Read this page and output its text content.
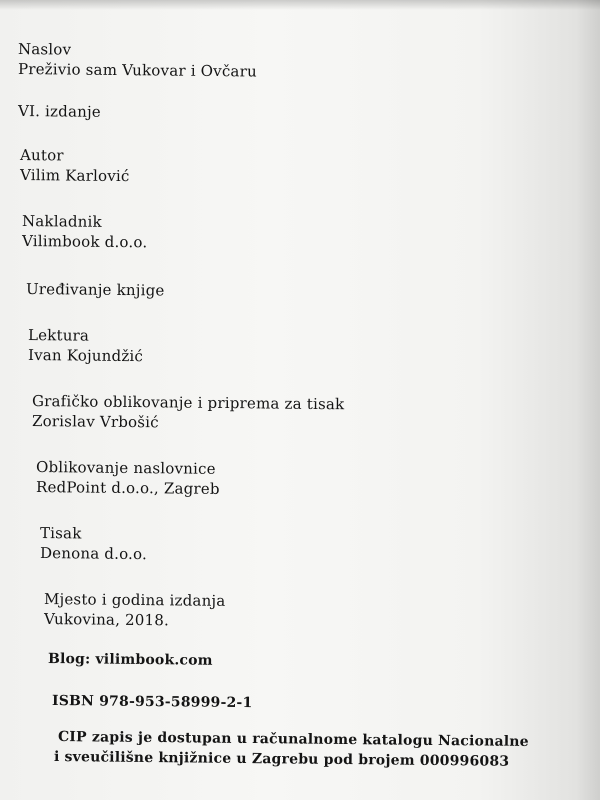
Naslov
Preživio sam Vukovar i Ovčaru
VI. izdanje
Autor
Vilim Karlović
Nakladnik
Vilimbook d.o.o.
Uređivanje knjige
Lektura
Ivan Kojundžić
Grafičko oblikovanje i priprema za tisak
Zorislav Vrbošić
Oblikovanje naslovnice
RedPoint d.o.o., Zagreb
Tisak
Denona d.o.o.
Mjesto i godina izdanja
Vukovina, 2018.
Blog: vilimbook.com
ISBN 978-953-58999-2-1
CIP zapis je dostupan u računalnome katalogu Nacionalne
i sveučilišne knjižnice u Zagrebu pod brojem 000996083
